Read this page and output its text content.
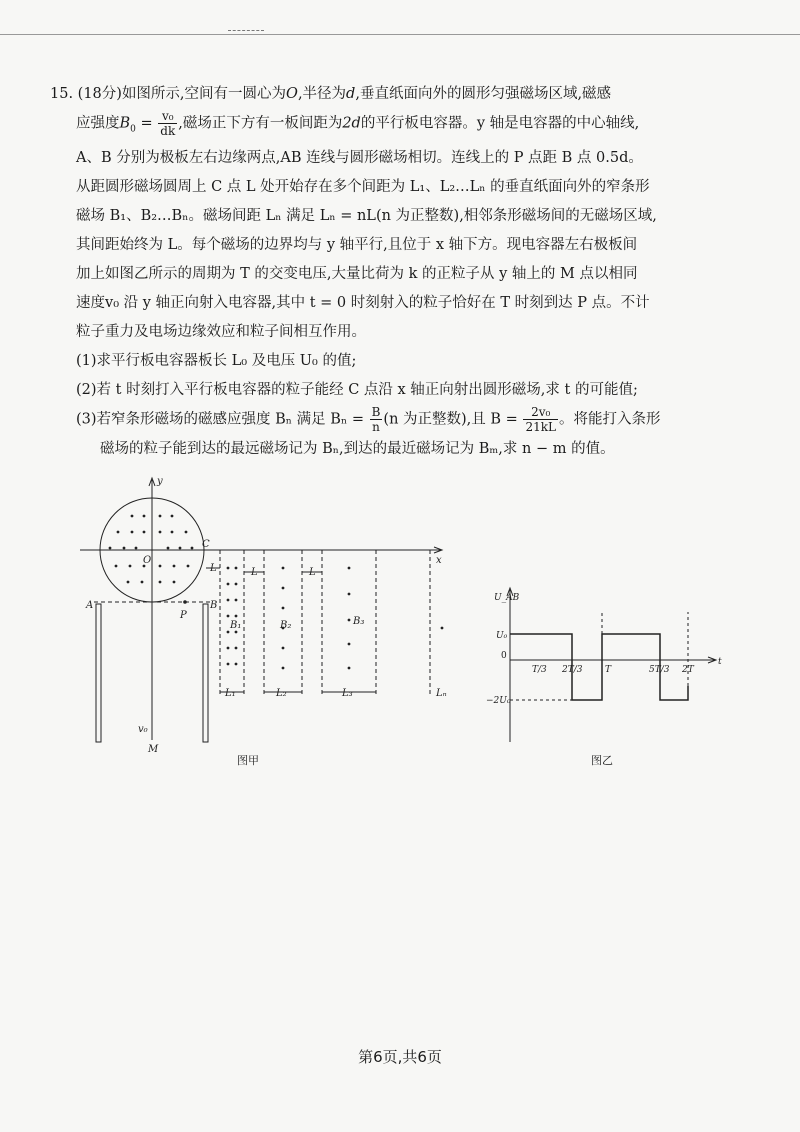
15. (18分)如图所示,空间有一圆心为O,半径为d,垂直纸面向外的圆形匀强磁场区域,磁感

应强度$B_0 = \frac{\text{v₀}}{dk}$ ,磁场正下方有一板间距为2d的平行板电容器。y 轴是电容器的中心轴线,

A、B 分别为极板左右边缘两点,AB 连线与圆形磁场相切。连线上的 P 点距 B 点 0.5d。

从距圆形磁场圆周上 C 点 L 处开始存在多个间距为 L₁、L₂…Lₙ 的垂直纸面向外的窄条形

磁场 B₁、B₂…Bₙ。磁场间距 Lₙ 满足 Lₙ = nL(n 为正整数),相邻条形磁场间的无磁场区域,

其间距始终为 L。每个磁场的边界均与 y 轴平行,且位于 x 轴下方。现电容器左右极板间

加上如图乙所示的周期为 T 的交变电压,大量比荷为 k 的正粒子从 y 轴上的 M 点以相同

速度v₀ 沿 y 轴正向射入电容器,其中 t = 0 时刻射入的粒子恰好在 T 时刻到达 P 点。不计

粒子重力及电场边缘效应和粒子间相互作用。

(1)求平行板电容器板长 L₀ 及电压 U₀ 的值;

(2)若 t 时刻打入平行板电容器的粒子能经 C 点沿 x 轴正向射出圆形磁场,求 t 的可能值;

(3)若窄条形磁场的磁感应强度 Bₙ 满足 $B_n = \frac{B}{n} (n$ 为正整数),且 $B = \frac{\text{2v₀}}{21kL}$ 。将能打入条形

磁场的粒子能到达的最远磁场记为 Bₙ,到达的最近磁场记为 Bₘ,求 n − m 的值。

y
x
O
C
A	B
P
M
v₀
L	L	L
B₁	B₂	B₃
L₁	L₂	L₃	Lₙ
图甲
U_AB
U₀
−2U₀
0
t
T/3 2T/3	T	5T/3 2T
图乙
第6页,共6页
